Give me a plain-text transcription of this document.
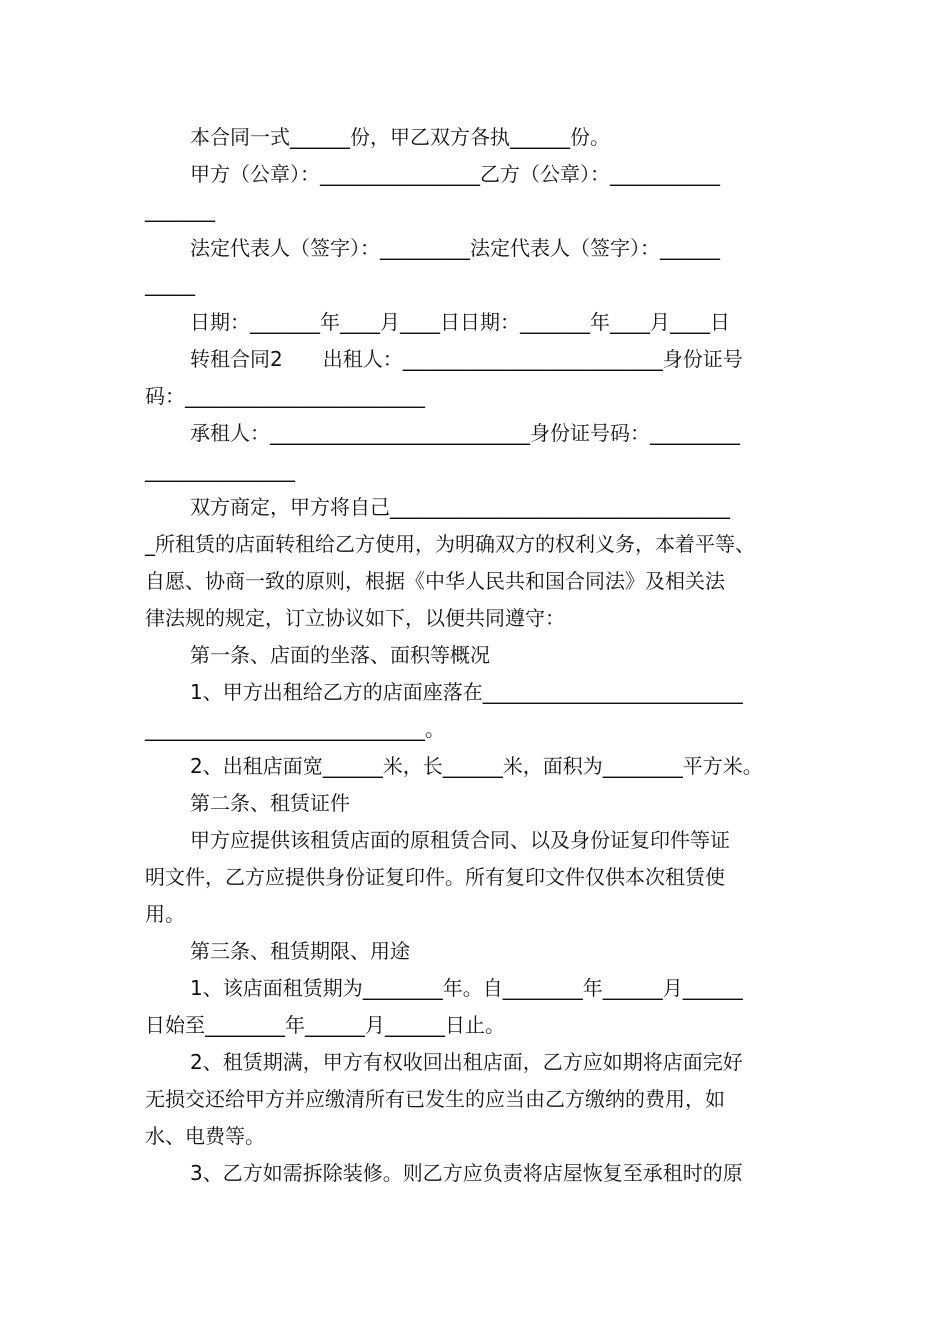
本合同一式______份，甲乙双方各执______份。
甲方（公章）：________________乙方（公章）：___________
_______
法定代表人（签字）：_________法定代表人（签字）：______
_____
日期：_______年____月____日日期：_______年____月____日
转租合同2　　出租人：__________________________身份证号
码：________________________
承租人：__________________________身份证号码：_________
_______________
双方商定，甲方将自己__________________________________
_所租赁的店面转租给乙方使用，为明确双方的权利义务，本着平等、
自愿、协商一致的原则，根据《中华人民共和国合同法》及相关法
律法规的规定，订立协议如下，以便共同遵守：
第一条、店面的坐落、面积等概况
1、甲方出租给乙方的店面座落在__________________________
____________________________。
2、出租店面宽______米，长______米，面积为________平方米。
第二条、租赁证件
甲方应提供该租赁店面的原租赁合同、以及身份证复印件等证
明文件，乙方应提供身份证复印件。所有复印文件仅供本次租赁使
用。
第三条、租赁期限、用途
1、该店面租赁期为________年。自________年______月______
日始至________年______月______日止。
2、租赁期满，甲方有权收回出租店面，乙方应如期将店面完好
无损交还给甲方并应缴清所有已发生的应当由乙方缴纳的费用，如
水、电费等。
3、乙方如需拆除装修。则乙方应负责将店屋恢复至承租时的原
